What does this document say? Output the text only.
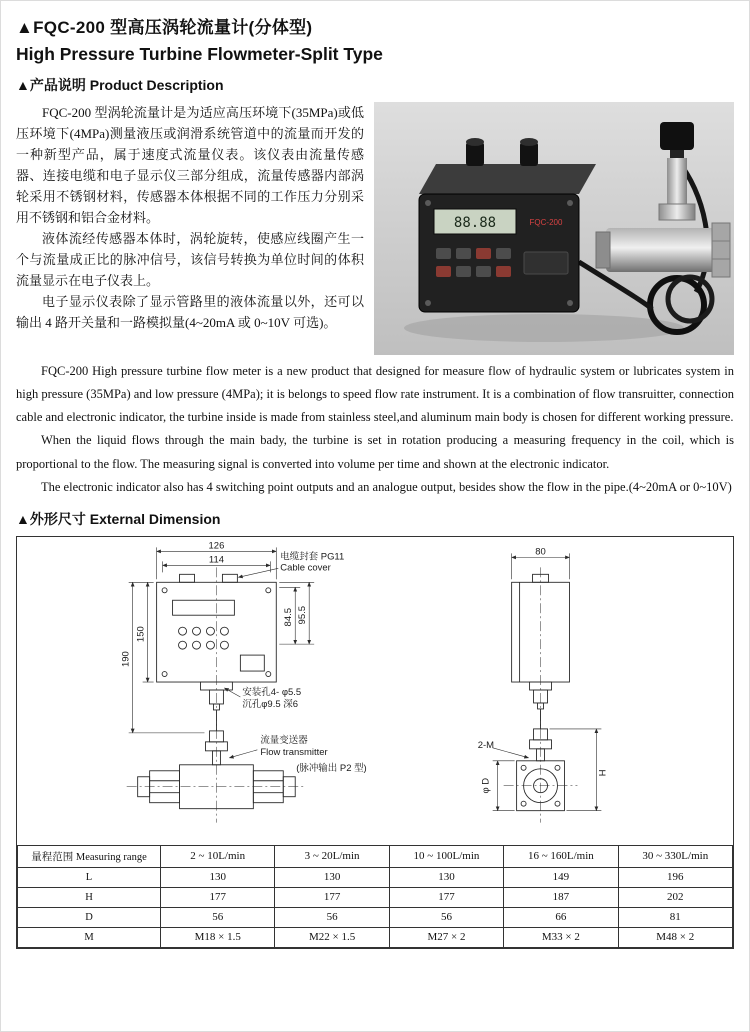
▲FQC-200 型高压涡轮流量计(分体型)
High Pressure Turbine Flowmeter-Split Type
▲产品说明 Product Description

FQC-200 型涡轮流量计是为适应高压环境下(35MPa)或低压环境下(4MPa)测量液压或润滑系统管道中的流量而开发的一种新型产品，属于速度式流量仪表。该仪表由流量传感器、连接电缆和电子显示仪三部分组成，流量传感器内部涡轮采用不锈钢材料，传感器本体根据不同的工作压力分别采用不锈钢和铝合金材料。

液体流经传感器本体时，涡轮旋转，使感应线圈产生一个与流量成正比的脉冲信号，该信号转换为单位时间的体积流量显示在电子仪表上。

电子显示仪表除了显示管路里的液体流量以外，还可以输出 4 路开关量和一路模拟量(4~20mA 或 0~10V 可选)。

88.88	FQC-200

FQC-200 High pressure turbine flow meter is a new product that designed for measure flow of hydraulic system or lubricates system in high pressure (35MPa) and low pressure (4MPa); it is belongs to speed flow rate instrument. It is a combination of flow transruitter, connection cable and electronic indicator, the turbine inside is made from stainless steel,and aluminum main body is chosen for different working pressure.

When the liquid flows through the main bady, the turbine is set in rotation producing a measuring frequency in the coil, which is proportional to the flow. The measuring signal is converted into volume per time and shown at the electronic indicator.

The electronic indicator also has 4 switching point outputs and an analogue output, besides show the flow in the pipe.(4~20mA or 0~10V)

▲外形尺寸 External Dimension
126
114
150
190
84.5 95.5
电缆封套 PG11
Cable cover
安装孔4- φ5.5
沉孔φ9.5 深6
流量变送器
Flow transmitter
(脉冲输出 P2 型)
80
2-M
H
φ D
量程范围 Measuring range	2 ~ 10L/min	3 ~ 20L/min	10 ~ 100L/min	16 ~ 160L/min	30 ~ 330L/min
L	130	130	130	149	196
H	177	177	177	187	202
D	56	56	56	66	81
M	M18 × 1.5	M22 × 1.5	M27 × 2	M33 × 2	M48 × 2
